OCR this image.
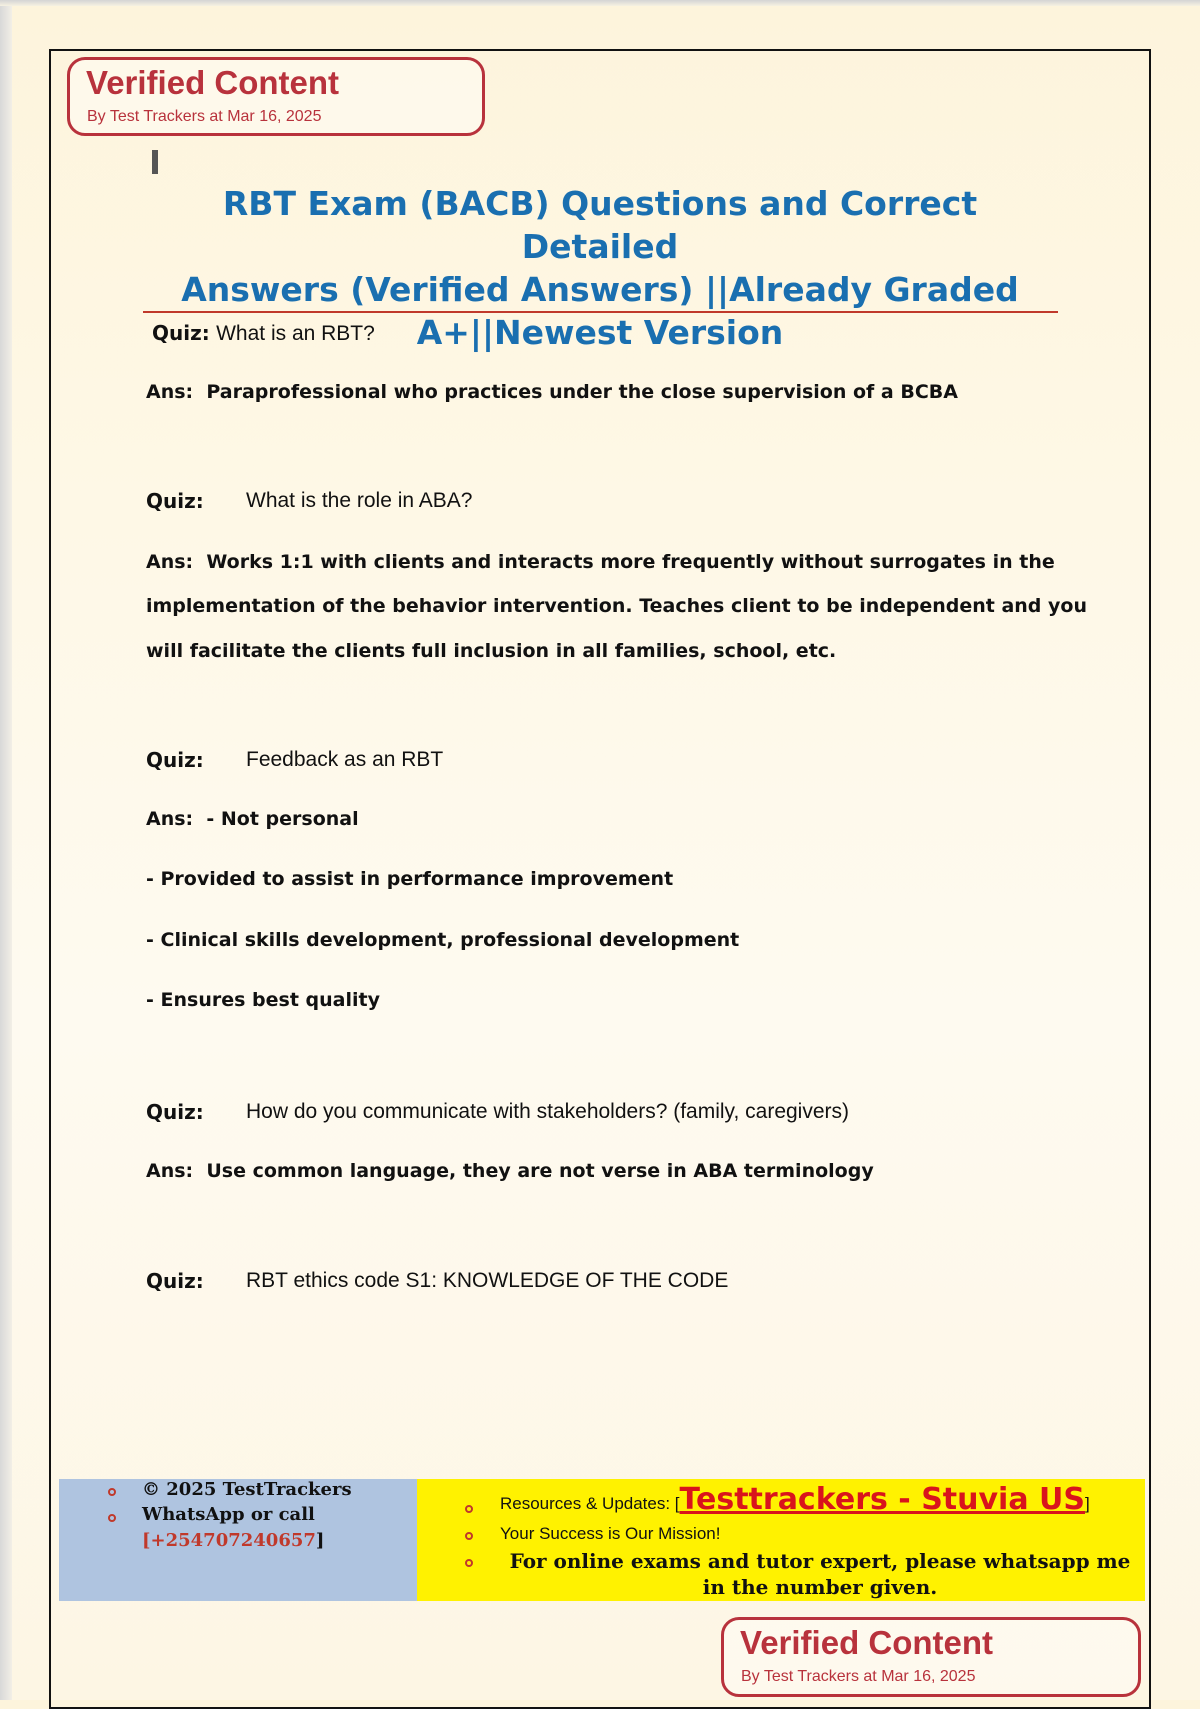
Verified Content
By Test Trackers at Mar 16, 2025
RBT Exam (BACB) Questions and Correct Detailed
Answers (Verified Answers) ||Already Graded
A+||Newest Version
Quiz: What is an RBT?
Ans: Paraprofessional who practices under the close supervision of a BCBA
Quiz: What is the role in ABA?
Ans: Works 1:1 with clients and interacts more frequently without surrogates in the
implementation of the behavior intervention. Teaches client to be independent and you
will facilitate the clients full inclusion in all families, school, etc.
Quiz: Feedback as an RBT
Ans: - Not personal
- Provided to assist in performance improvement
- Clinical skills development, professional development
- Ensures best quality
Quiz: How do you communicate with stakeholders? (family, caregivers)
Ans: Use common language, they are not verse in ABA terminology
Quiz: RBT ethics code S1: KNOWLEDGE OF THE CODE
© 2025 TestTrackers
WhatsApp or call
[+254707240657]
Resources & Updates: [Testtrackers - Stuvia US]
Your Success is Our Mission!
For online exams and tutor expert, please whatsapp me
in the number given.
Verified Content
By Test Trackers at Mar 16, 2025
